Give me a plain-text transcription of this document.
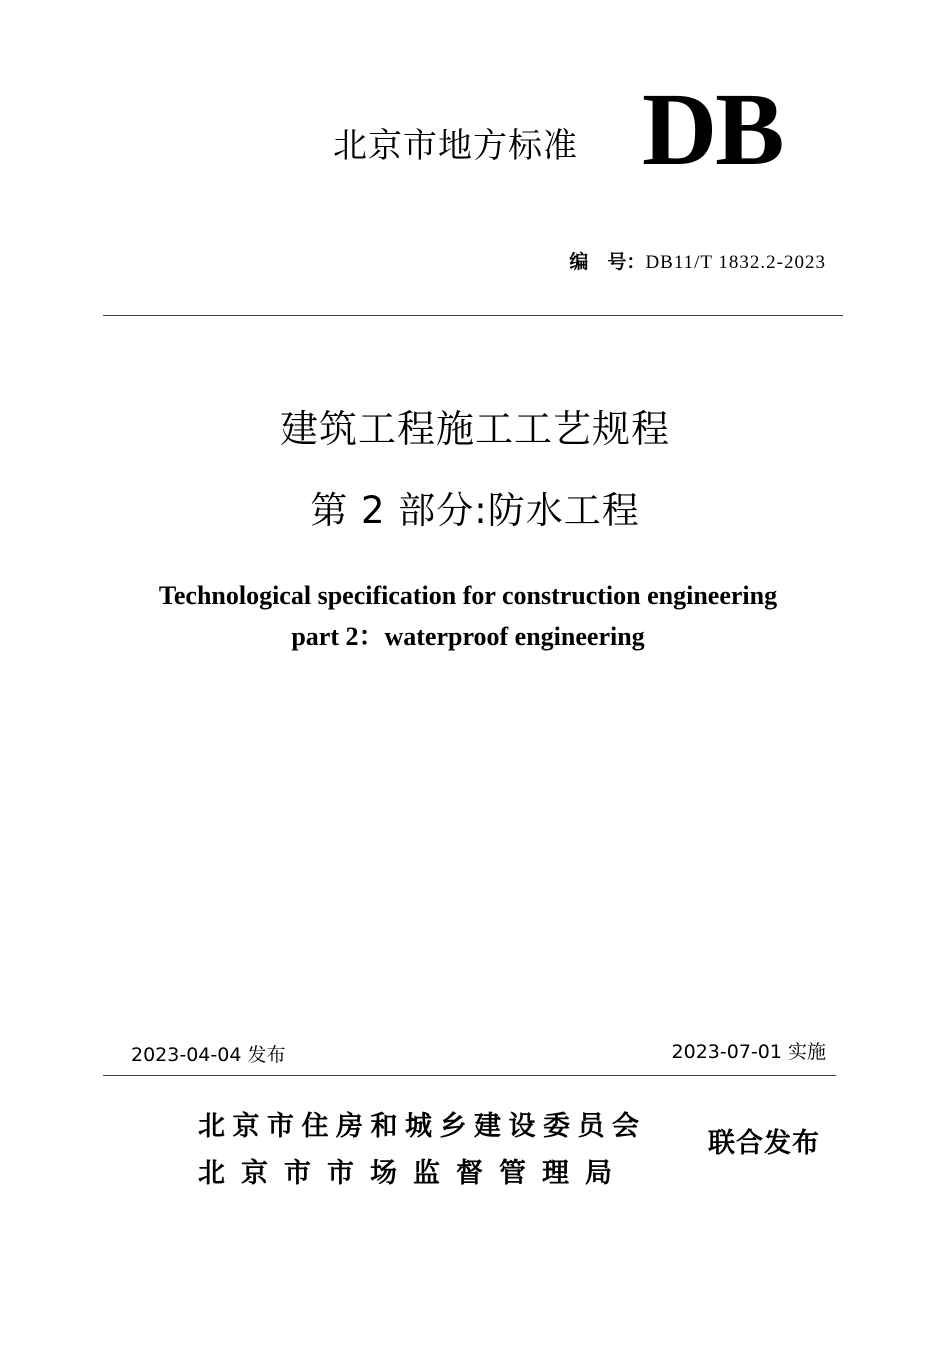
北京市地方标准 DB
编　号：DB11/T 1832.2-2023
建筑工程施工工艺规程
第 2 部分:防水工程
Technological specification for construction engineering
part 2：waterproof engineering
2023-04-04 发布	2023-07-01 实施
北京市住房和城乡建设委员会
北京市市场监督管理局
联合发布
